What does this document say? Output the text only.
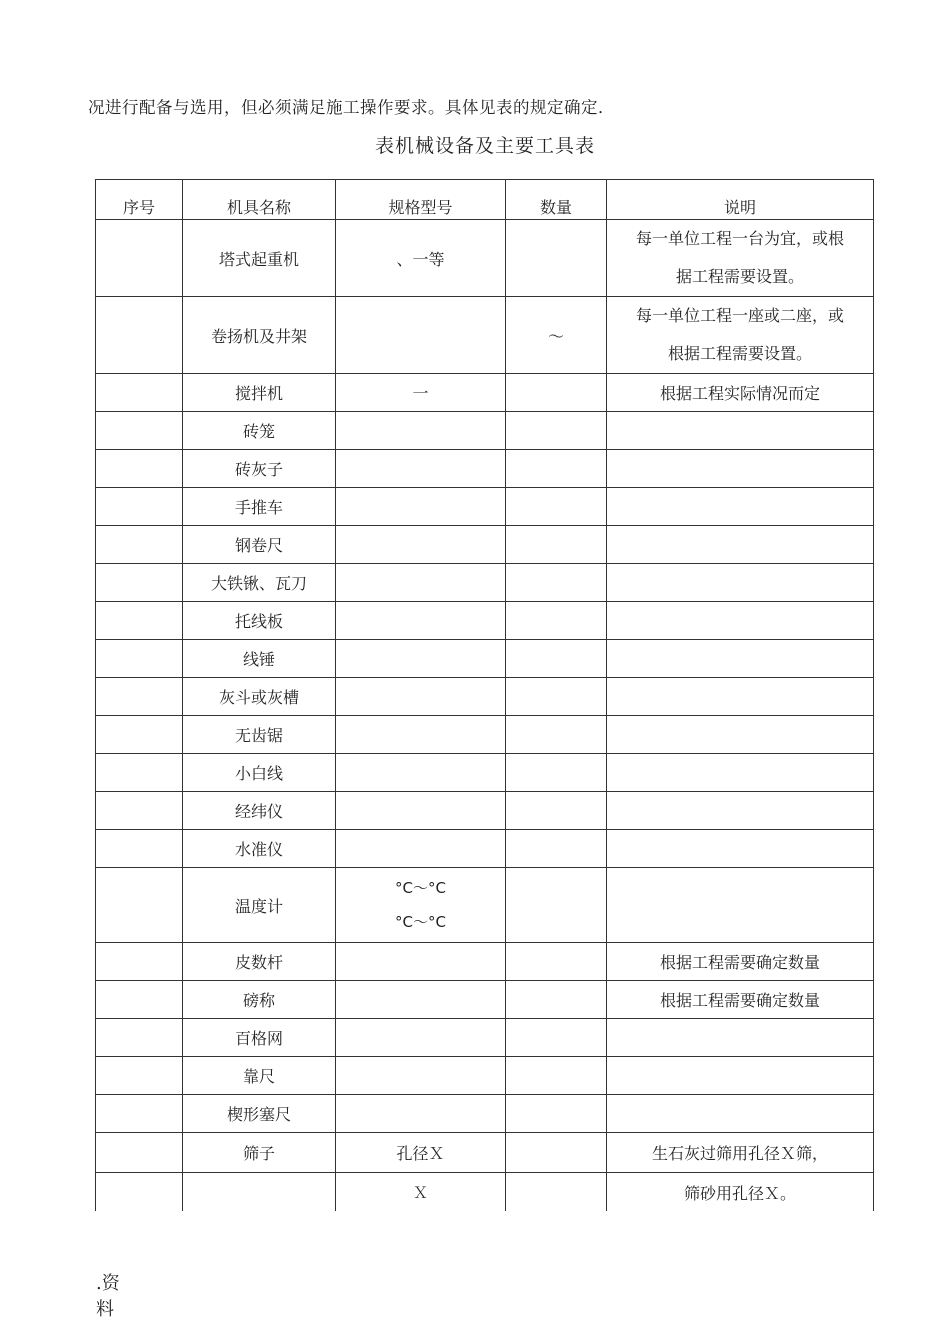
况进行配备与选用，但必须满足施工操作要求。具体见表的规定确定．
表机械设备及主要工具表
序号	机具名称	规格型号	数量	说明
	塔式起重机	、一等		每一单位工程一台为宜，或根
据工程需要设置。
	卷扬机及井架		～	每一单位工程一座或二座，或
根据工程需要设置。
	搅拌机	一		根据工程实际情况而定
	砖笼			
	砖灰子			
	手推车			
	钢卷尺			
	大铁锹、瓦刀			
	托线板			
	线锤			
	灰斗或灰槽			
	无齿锯			
	小白线			
	经纬仪			
	水准仪			
	温度计	°C～°C
°C～°C		
	皮数杆			根据工程需要确定数量
	磅称			根据工程需要确定数量
	百格网			
	靠尺			
	楔形塞尺			
	筛子	孔径Ｘ		生石灰过筛用孔径Ｘ筛，
		Ｘ		筛砂用孔径Ｘ。
.资
料
